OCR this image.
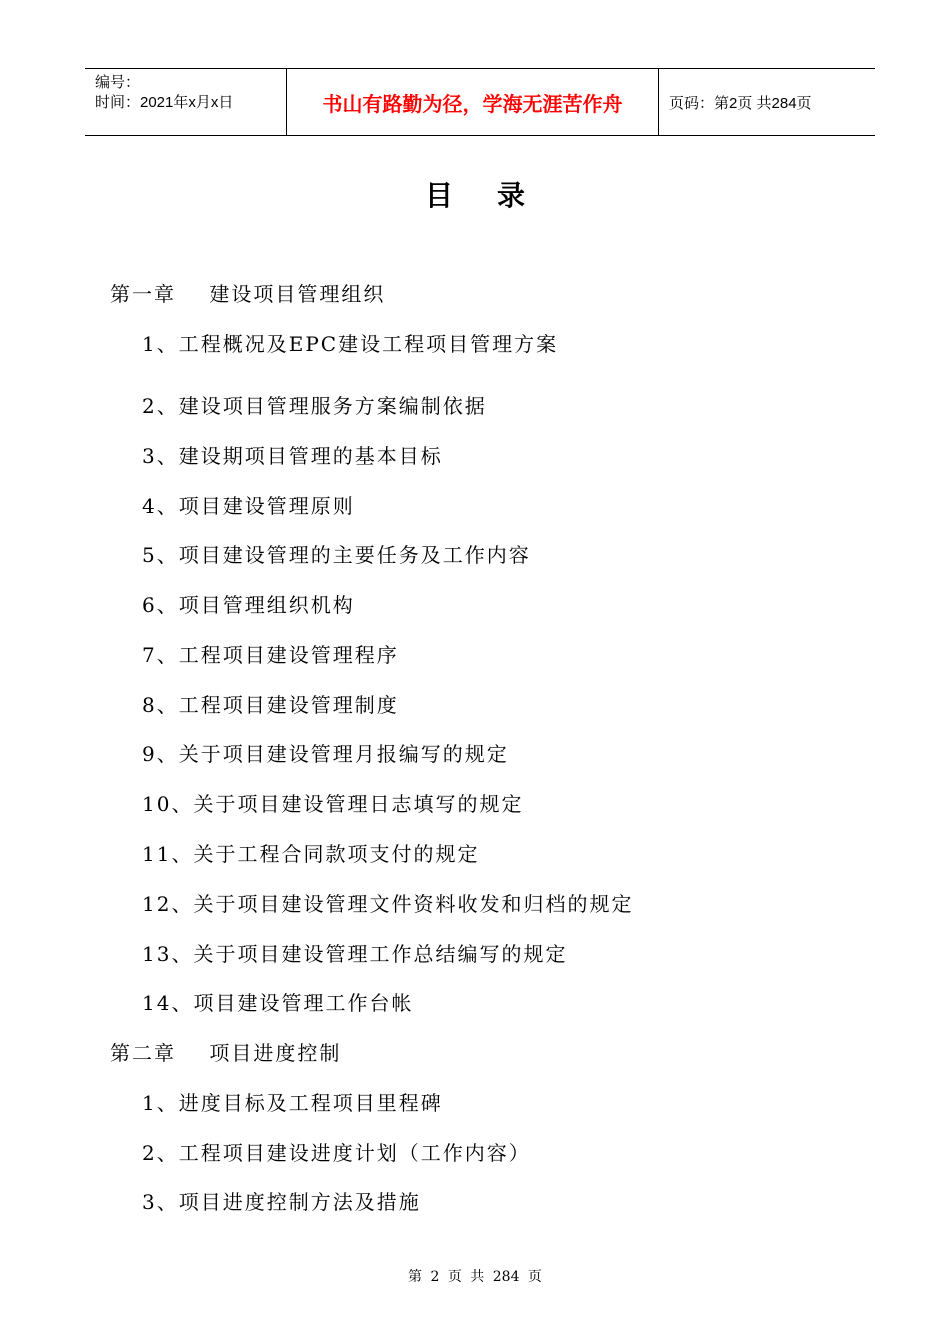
编号：
时间：2021年x月x日	书山有路勤为径，学海无涯苦作舟	页码：第2页 共284页
目录
第一章    建设项目管理组织
1、工程概况及EPC建设工程项目管理方案
2、建设项目管理服务方案编制依据
3、建设期项目管理的基本目标
4、项目建设管理原则
5、项目建设管理的主要任务及工作内容
6、项目管理组织机构
7、工程项目建设管理程序
8、工程项目建设管理制度
9、关于项目建设管理月报编写的规定
10、关于项目建设管理日志填写的规定
11、关于工程合同款项支付的规定
12、关于项目建设管理文件资料收发和归档的规定
13、关于项目建设管理工作总结编写的规定
14、项目建设管理工作台帐
第二章    项目进度控制
1、进度目标及工程项目里程碑
2、工程项目建设进度计划（工作内容）
3、项目进度控制方法及措施
第 2 页 共 284 页
